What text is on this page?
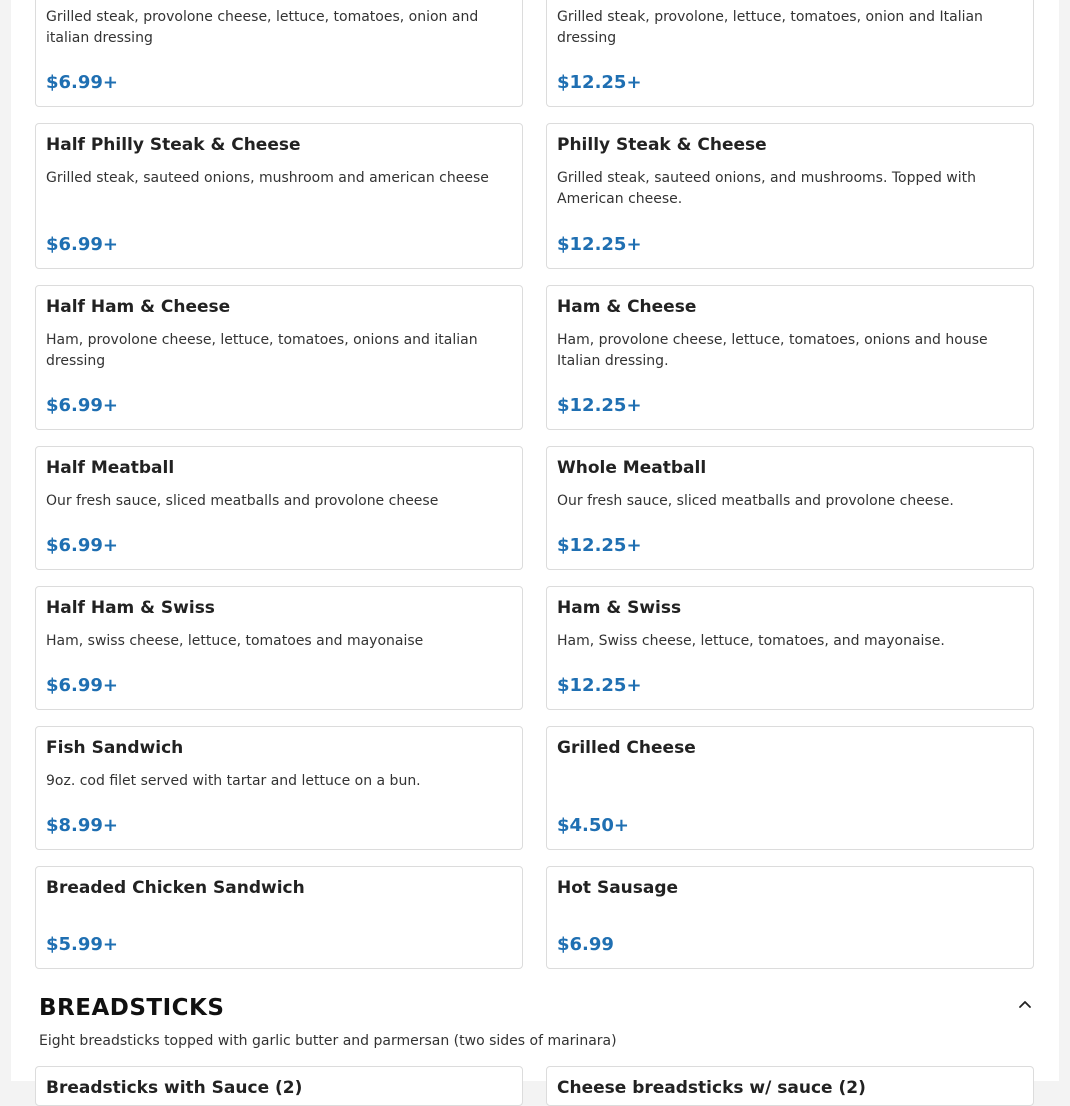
Grilled steak, provolone cheese, lettuce, tomatoes, onion and italian dressing

$6.99+

Grilled steak, provolone, lettuce, tomatoes, onion and Italian dressing

$12.25+

Half Philly Steak & Cheese

Grilled steak, sauteed onions, mushroom and american cheese

$6.99+

Philly Steak & Cheese

Grilled steak, sauteed onions, and mushrooms. Topped with American cheese.

$12.25+

Half Ham & Cheese

Ham, provolone cheese, lettuce, tomatoes, onions and italian dressing

$6.99+

Ham & Cheese

Ham, provolone cheese, lettuce, tomatoes, onions and house Italian dressing.

$12.25+

Half Meatball

Our fresh sauce, sliced meatballs and provolone cheese

$6.99+

Whole Meatball

Our fresh sauce, sliced meatballs and provolone cheese.

$12.25+

Half Ham & Swiss

Ham, swiss cheese, lettuce, tomatoes and mayonaise

$6.99+

Ham & Swiss

Ham, Swiss cheese, lettuce, tomatoes, and mayonaise.

$12.25+

Fish Sandwich

9oz. cod filet served with tartar and lettuce on a bun.

$8.99+

Grilled Cheese

$4.50+

Breaded Chicken Sandwich

$5.99+

Hot Sausage

$6.99

Breadsticks with Sauce (2)	Cheese breadsticks w/ sauce (2)

BREADSTICKS

Eight breadsticks topped with garlic butter and parmersan (two sides of marinara)
